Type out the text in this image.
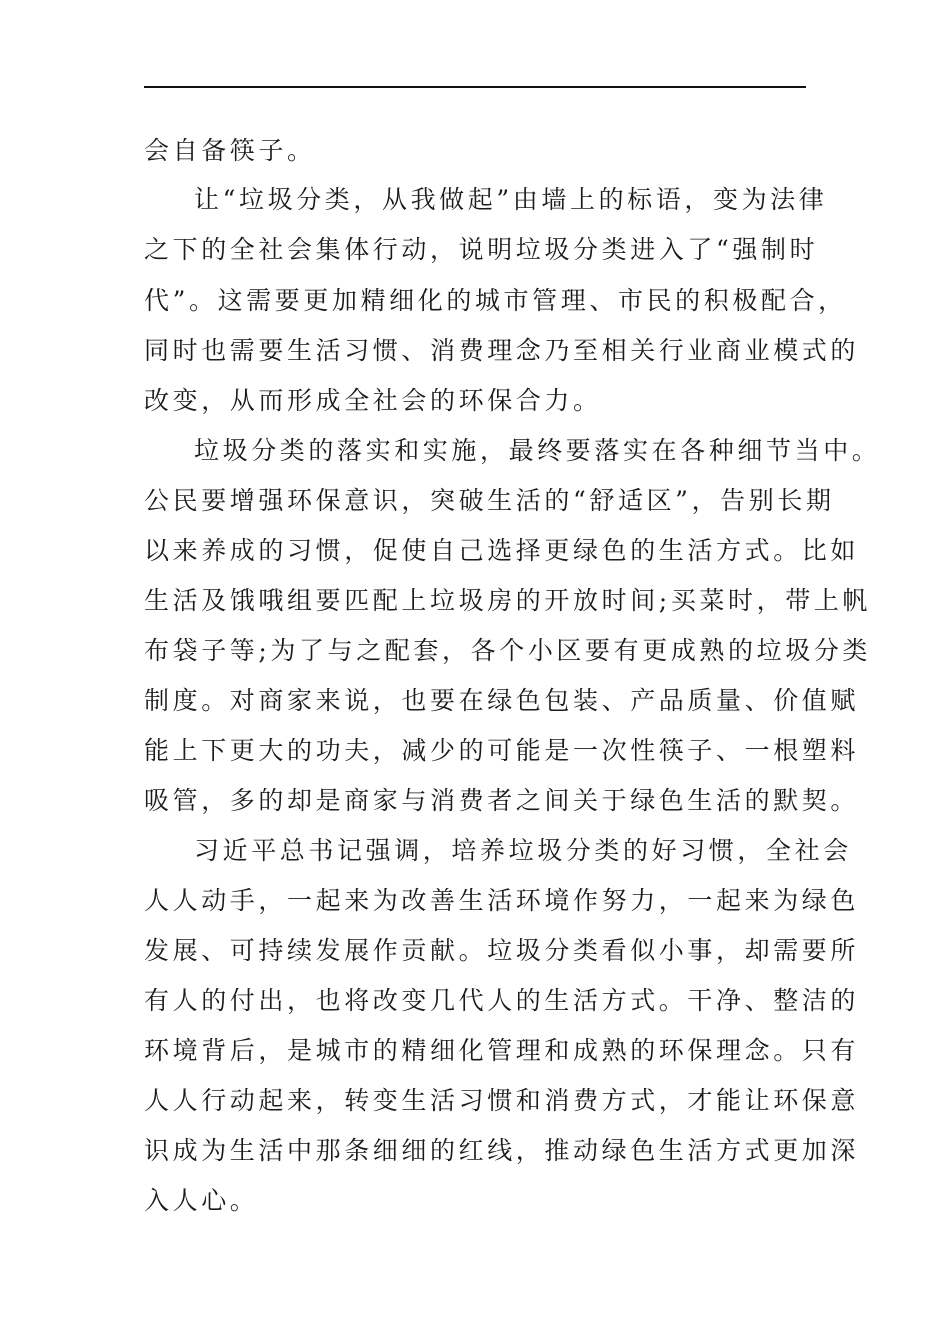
会自备筷子。
让“垃圾分类，从我做起”由墙上的标语，变为法律
之下的全社会集体行动，说明垃圾分类进入了“强制时
代”。这需要更加精细化的城市管理、市民的积极配合，
同时也需要生活习惯、消费理念乃至相关行业商业模式的
改变，从而形成全社会的环保合力。
垃圾分类的落实和实施，最终要落实在各种细节当中。
公民要增强环保意识，突破生活的“舒适区”，告别长期
以来养成的习惯，促使自己选择更绿色的生活方式。比如
生活及饿哦组要匹配上垃圾房的开放时间;买菜时，带上帆
布袋子等;为了与之配套，各个小区要有更成熟的垃圾分类
制度。对商家来说，也要在绿色包装、产品质量、价值赋
能上下更大的功夫，减少的可能是一次性筷子、一根塑料
吸管，多的却是商家与消费者之间关于绿色生活的默契。
习近平总书记强调，培养垃圾分类的好习惯，全社会
人人动手，一起来为改善生活环境作努力，一起来为绿色
发展、可持续发展作贡献。垃圾分类看似小事，却需要所
有人的付出，也将改变几代人的生活方式。干净、整洁的
环境背后，是城市的精细化管理和成熟的环保理念。只有
人人行动起来，转变生活习惯和消费方式，才能让环保意
识成为生活中那条细细的红线，推动绿色生活方式更加深
入人心。
